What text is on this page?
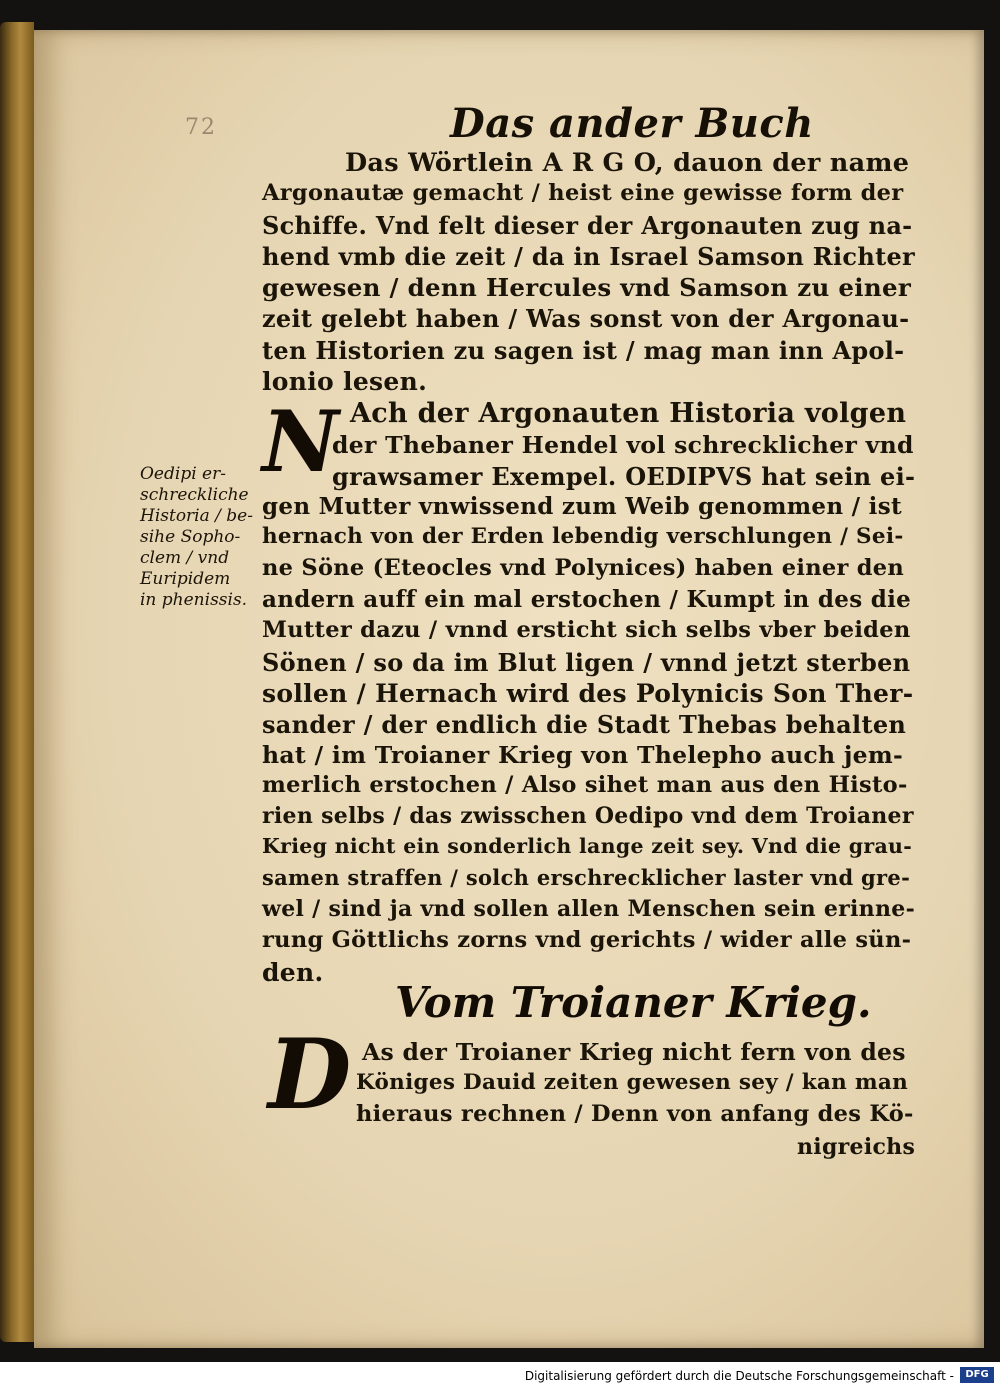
72	Das ander Buch
Das Wörtlein A R G O, dauon der name
Argonautæ gemacht / heist eine gewisse form der
Schiffe. Vnd felt dieser der Argonauten zug na-
hend vmb die zeit / da in Israel Samson Richter
gewesen / denn Hercules vnd Samson zu einer
zeit gelebt haben / Was sonst von der Argonau-
ten Historien zu sagen ist / mag man inn Apol-
lonio lesen.
N Ach der Argonauten Historia volgen
der Thebaner Hendel vol schrecklicher vnd
grawsamer Exempel. OEDIPVS hat sein ei-
gen Mutter vnwissend zum Weib genommen / ist
hernach von der Erden lebendig verschlungen / Sei-
ne Söne (Eteocles vnd Polynices) haben einer den
andern auff ein mal erstochen / Kumpt in des die
Mutter dazu / vnnd ersticht sich selbs vber beiden
Sönen / so da im Blut ligen / vnnd jetzt sterben
sollen / Hernach wird des Polynicis Son Ther-
sander / der endlich die Stadt Thebas behalten
hat / im Troianer Krieg von Thelepho auch jem-
merlich erstochen / Also sihet man aus den Histo-
rien selbs / das zwisschen Oedipo vnd dem Troianer
Krieg nicht ein sonderlich lange zeit sey. Vnd die grau-
samen straffen / solch erschrecklicher laster vnd gre-
wel / sind ja vnd sollen allen Menschen sein erinne-
rung Göttlichs zorns vnd gerichts / wider alle sün-
den.
Oedipi er-
schreckliche
Historia / be-
sihe Sopho-
clem / vnd
Euripidem
in phenissis.
Vom Troianer Krieg.
D As der Troianer Krieg nicht fern von des
Königes Dauid zeiten gewesen sey / kan man
hieraus rechnen / Denn von anfang des Kö-
nigreichs
Digitalisierung gefördert durch die Deutsche Forschungsgemeinschaft -	DFG
